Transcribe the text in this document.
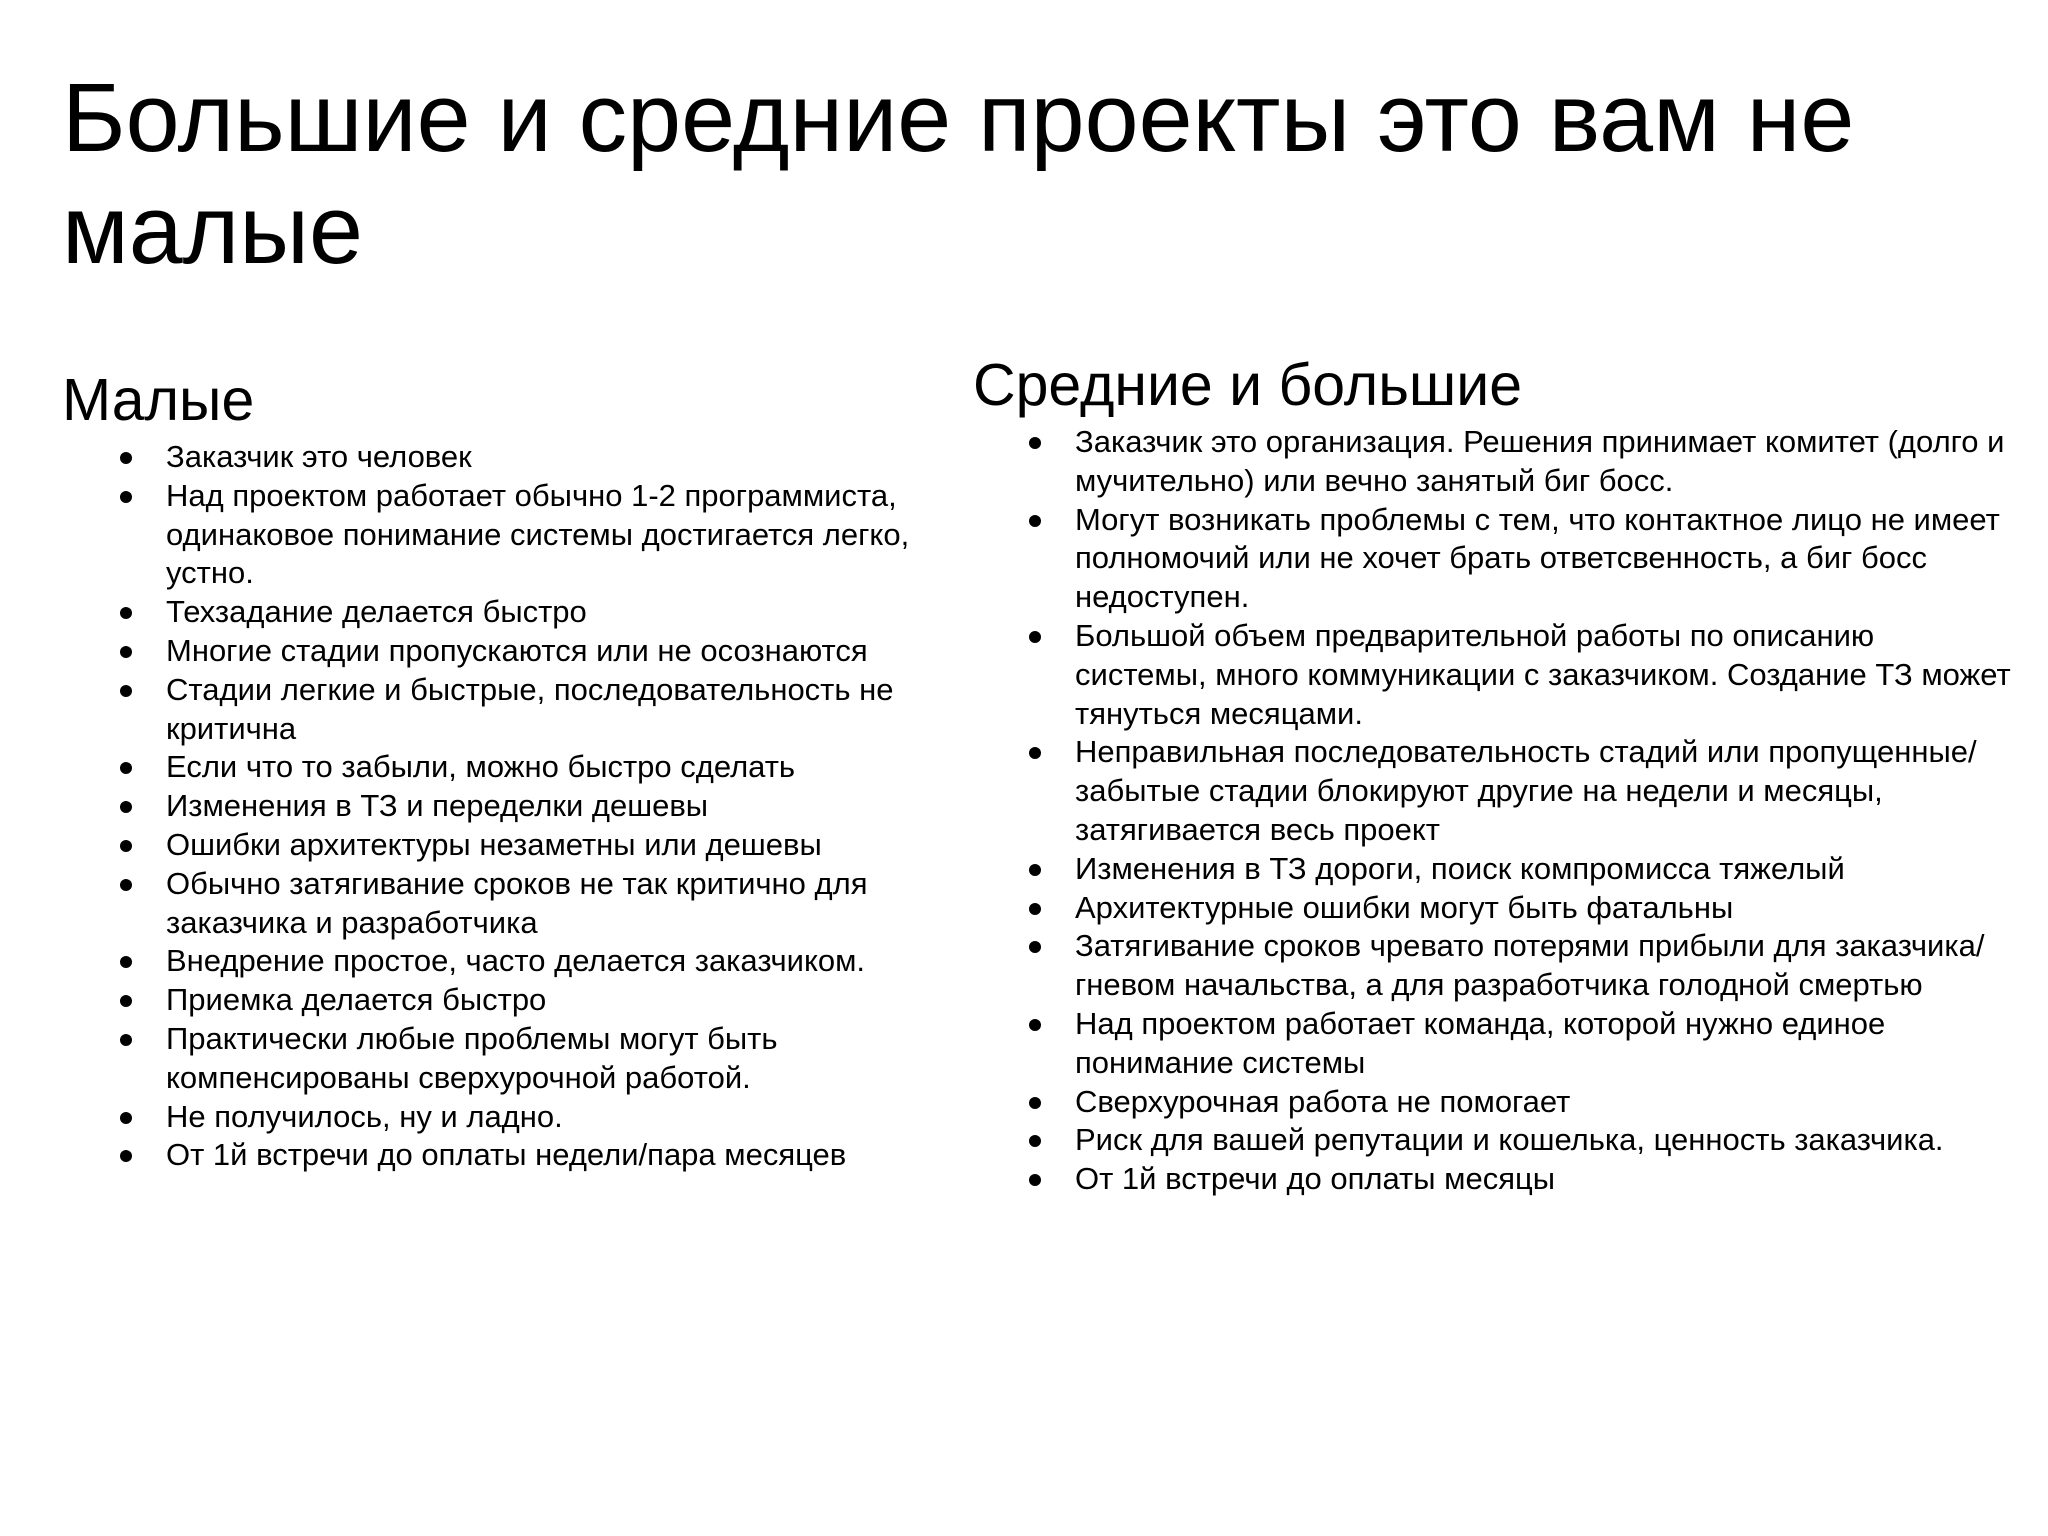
Большие и средние проекты это вам не малые
Малые
Заказчик это человек
Над проектом работает обычно 1-2 программиста, одинаковое понимание системы достигается легко, устно.
Техзадание делается быстро
Многие стадии пропускаются или не осознаются
Стадии легкие и быстрые, последовательность не критична
Если что то забыли, можно быстро сделать
Изменения в ТЗ и переделки дешевы
Ошибки архитектуры незаметны или дешевы
Обычно затягивание сроков не так критично для заказчика и разработчика
Внедрение простое, часто делается заказчиком.
Приемка делается быстро
Практически любые проблемы могут быть компенсированы сверхурочной работой.
Не получилось, ну и ладно.
От 1й встречи до оплаты недели/пара месяцев
Средние и большие
Заказчик это организация. Решения принимает комитет (долго и мучительно) или вечно занятый биг босс.
Могут возникать проблемы с тем, что контактное лицо не имеет полномочий или не хочет брать ответсвенность, а биг босс недоступен.
Большой объем предварительной работы по описанию системы, много коммуникации с заказчиком. Создание ТЗ может тянуться месяцами.
Неправильная последовательность стадий или пропущенные/забытые стадии блокируют другие на недели и месяцы, затягивается весь проект
Изменения в ТЗ дороги, поиск компромисса тяжелый
Архитектурные ошибки могут быть фатальны
Затягивание сроков чревато потерями прибыли для заказчика/гневом начальства, а для разработчика голодной смертью
Над проектом работает команда, которой нужно единое понимание системы
Сверхурочная работа не помогает
Риск для вашей репутации и кошелька, ценность заказчика.
От 1й встречи до оплаты месяцы
